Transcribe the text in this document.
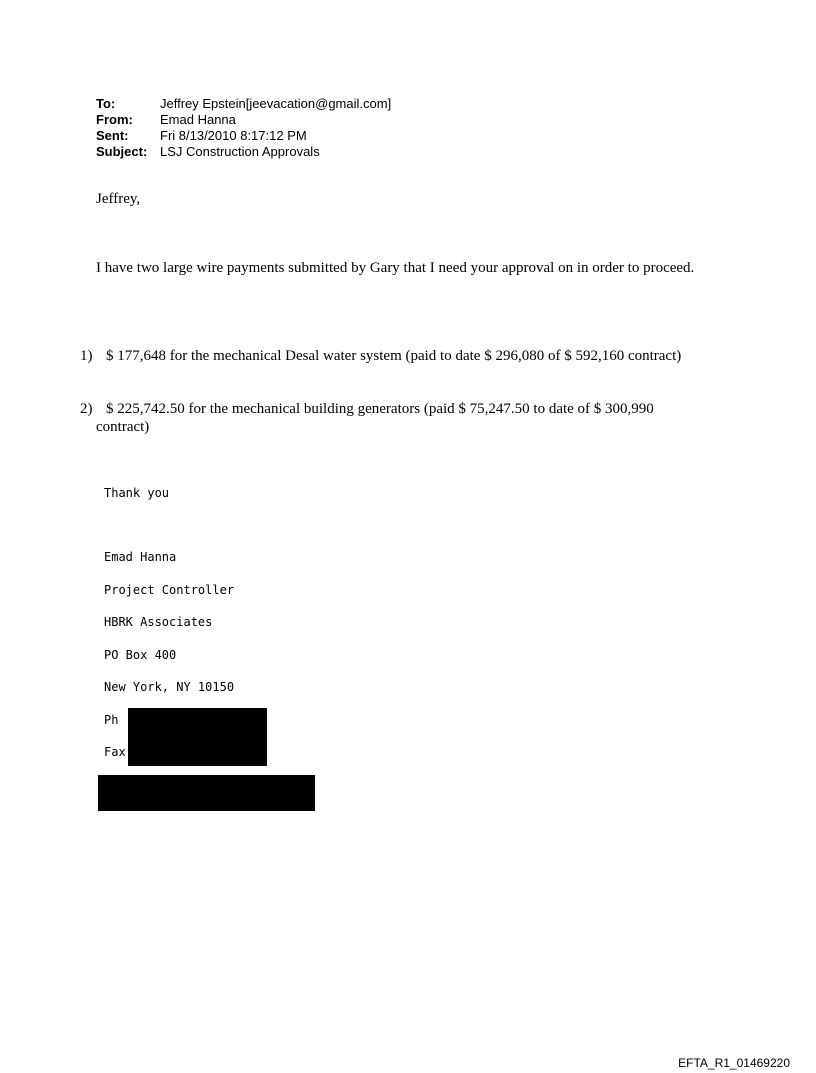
To:	Jeffrey Epstein[jeevacation@gmail.com]
From:	Emad Hanna
Sent:	Fri 8/13/2010 8:17:12 PM
Subject: LSJ Construction Approvals
Jeffrey,
I have two large wire payments submitted by Gary that I need your approval on in order to proceed.
1) $ 177,648 for the mechanical Desal water system (paid to date $ 296,080 of $ 592,160 contract)
2) $ 225,742.50 for the mechanical building generators (paid $ 75,247.50 to date of $ 300,990 contract)
Thank you
Emad Hanna
Project Controller
HBRK Associates
PO Box 400
New York, NY 10150
Ph
Fax
EFTA_R1_01469220
